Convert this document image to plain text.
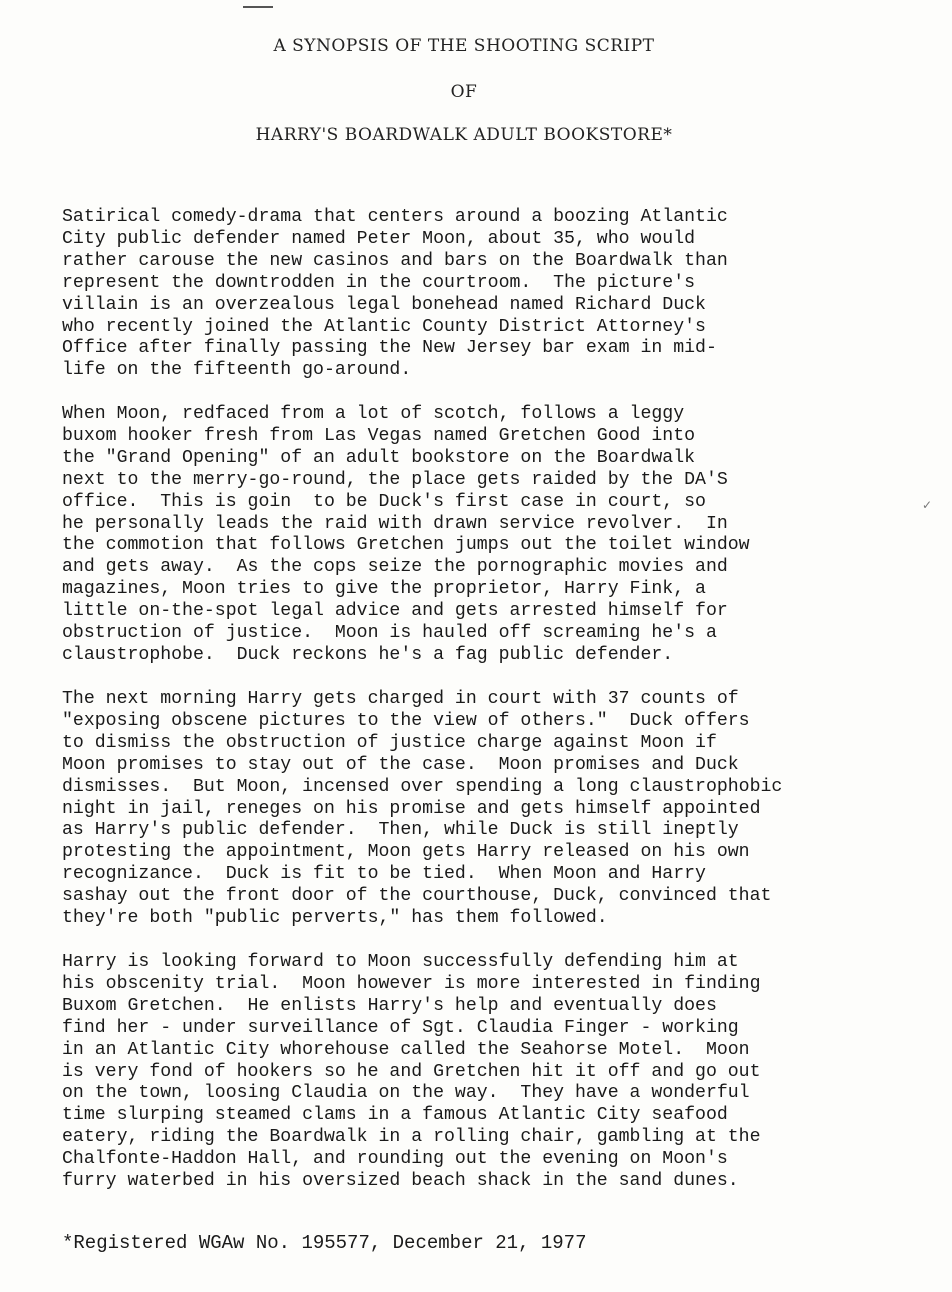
A SYNOPSIS OF THE SHOOTING SCRIPT
OF
HARRY'S BOARDWALK ADULT BOOKSTORE*
Satirical comedy-drama that centers around a boozing Atlantic
City public defender named Peter Moon, about 35, who would
rather carouse the new casinos and bars on the Boardwalk than
represent the downtrodden in the courtroom.  The picture's
villain is an overzealous legal bonehead named Richard Duck
who recently joined the Atlantic County District Attorney's
Office after finally passing the New Jersey bar exam in mid-
life on the fifteenth go-around.
When Moon, redfaced from a lot of scotch, follows a leggy
buxom hooker fresh from Las Vegas named Gretchen Good into
the "Grand Opening" of an adult bookstore on the Boardwalk
next to the merry-go-round, the place gets raided by the DA'S
office.  This is goin  to be Duck's first case in court, so
he personally leads the raid with drawn service revolver.  In
the commotion that follows Gretchen jumps out the toilet window
and gets away.  As the cops seize the pornographic movies and
magazines, Moon tries to give the proprietor, Harry Fink, a
little on-the-spot legal advice and gets arrested himself for
obstruction of justice.  Moon is hauled off screaming he's a
claustrophobe.  Duck reckons he's a fag public defender.
The next morning Harry gets charged in court with 37 counts of
"exposing obscene pictures to the view of others."  Duck offers
to dismiss the obstruction of justice charge against Moon if
Moon promises to stay out of the case.  Moon promises and Duck
dismisses.  But Moon, incensed over spending a long claustrophobic
night in jail, reneges on his promise and gets himself appointed
as Harry's public defender.  Then, while Duck is still ineptly
protesting the appointment, Moon gets Harry released on his own
recognizance.  Duck is fit to be tied.  When Moon and Harry
sashay out the front door of the courthouse, Duck, convinced that
they're both "public perverts," has them followed.
Harry is looking forward to Moon successfully defending him at
his obscenity trial.  Moon however is more interested in finding
Buxom Gretchen.  He enlists Harry's help and eventually does
find her - under surveillance of Sgt. Claudia Finger - working
in an Atlantic City whorehouse called the Seahorse Motel.  Moon
is very fond of hookers so he and Gretchen hit it off and go out
on the town, loosing Claudia on the way.  They have a wonderful
time slurping steamed clams in a famous Atlantic City seafood
eatery, riding the Boardwalk in a rolling chair, gambling at the
Chalfonte-Haddon Hall, and rounding out the evening on Moon's
furry waterbed in his oversized beach shack in the sand dunes.
✓
*Registered WGAw No. 195577, December 21, 1977
